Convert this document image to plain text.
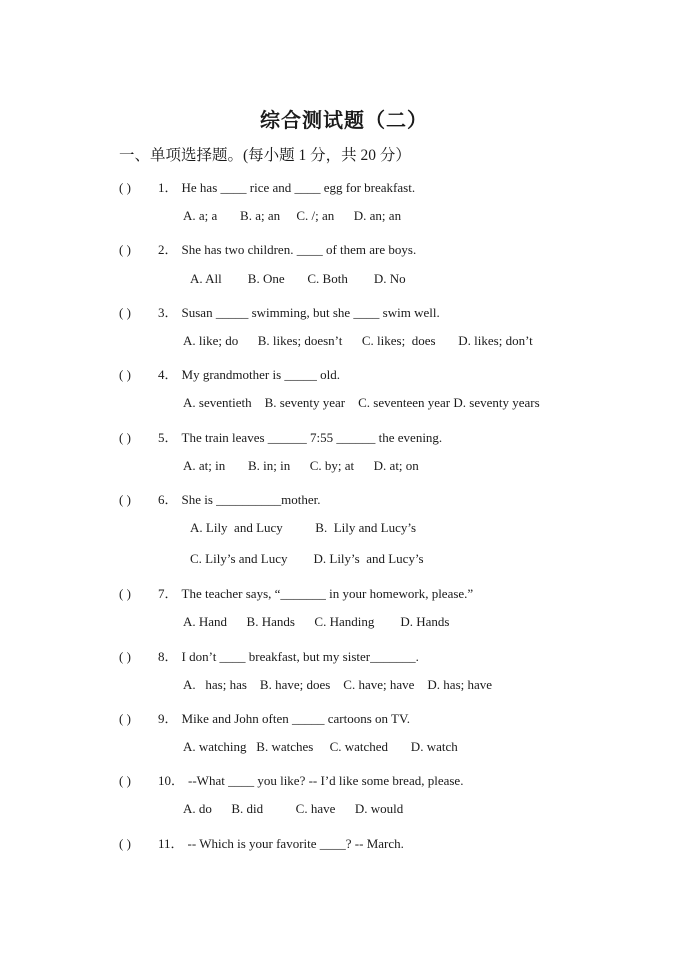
综合测试题（二）
一、单项选择题。(每小题 1 分，共 20 分）
( ) 1． He has ____ rice and ____ egg for breakfast.
A. a; a       B. a; an     C. /; an      D. an; an
( ) 2． She has two children. ____ of them are boys.
A. All        B. One       C. Both        D. No
( ) 3． Susan _____ swimming, but she ____ swim well.
A. like; do      B. likes; doesn’t      C. likes;  does       D. likes; don’t
( ) 4． My grandmother is _____ old.
A. seventieth    B. seventy year    C. seventeen year D. seventy years
( ) 5． The train leaves ______ 7:55 ______ the evening.
A. at; in       B. in; in      C. by; at      D. at; on
( ) 6． She is __________mother.
A. Lily  and Lucy          B.  Lily and Lucy’s
C. Lily’s and Lucy        D. Lily’s  and Lucy’s
( ) 7． The teacher says, “_______ in your homework, please.”
A. Hand      B. Hands      C. Handing        D. Hands
( ) 8． I don’t ____ breakfast, but my sister_______.
A.   has; has    B. have; does    C. have; have    D. has; have
( ) 9． Mike and John often _____ cartoons on TV.
A. watching   B. watches     C. watched       D. watch
( ) 10． --What ____ you like? -- I’d like some bread, please.
A. do      B. did          C. have      D. would
( ) 11． -- Which is your favorite ____? -- March.
